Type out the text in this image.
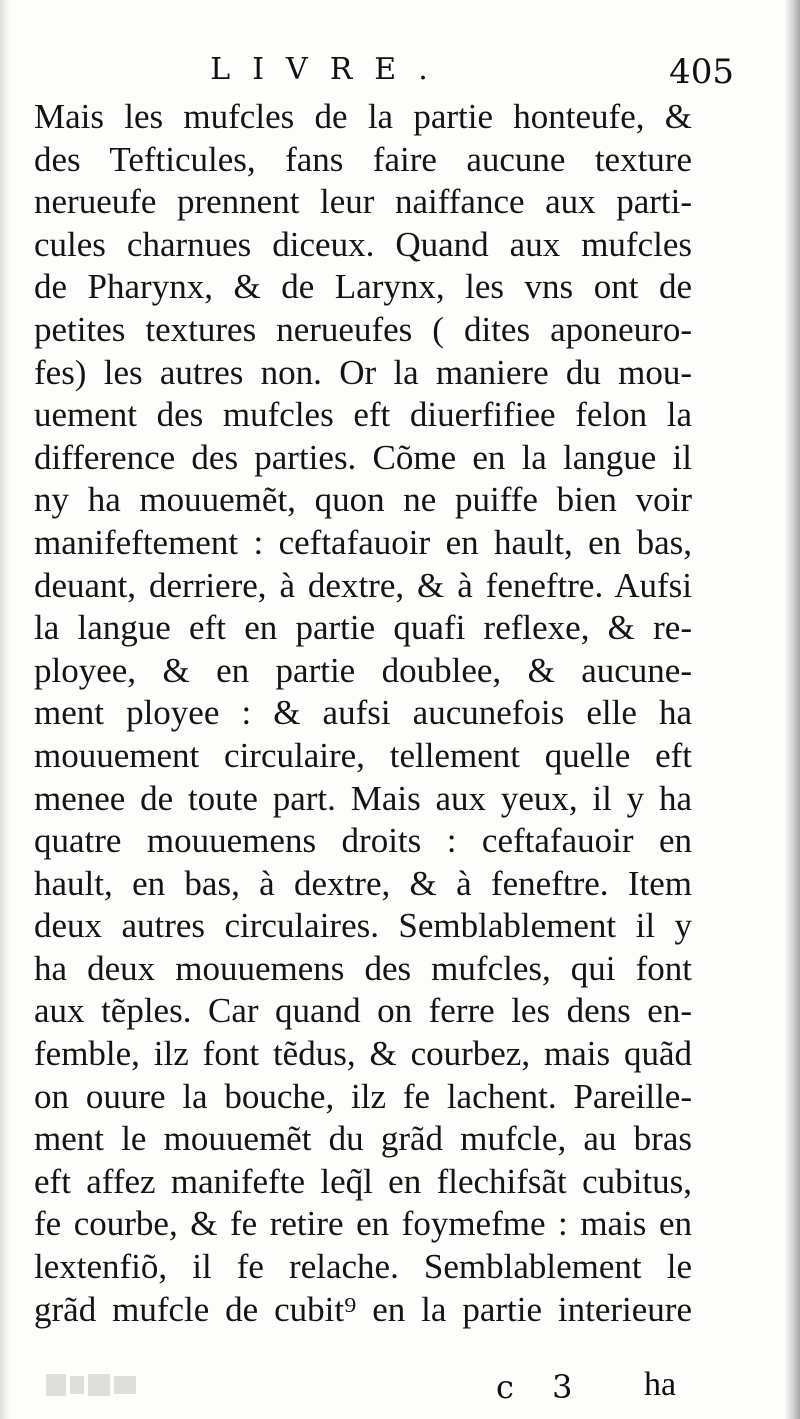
LIVRE.	405
Mais les mufcles de la partie honteufe, &
des Tefticules, fans faire aucune texture
nerueufe prennent leur naiffance aux parti-
cules charnues diceux. Quand aux mufcles
de Pharynx, & de Larynx, les vns ont de
petites textures nerueufes ( dites aponeuro-
fes) les autres non. Or la maniere du mou-
uement des mufcles eft diuerfifiee felon la
difference des parties. Cõme en la langue il
ny ha mouuemẽt, quon ne puiffe bien voir
manifeftement : ceftafauoir en hault, en bas,
deuant, derriere, à dextre, & à feneftre. Aufsi
la langue eft en partie quafi reflexe, & re-
ployee, & en partie doublee, & aucune-
ment ployee : & aufsi aucunefois elle ha
mouuement circulaire, tellement quelle eft
menee de toute part. Mais aux yeux, il y ha
quatre mouuemens droits : ceftafauoir en
hault, en bas, à dextre, & à feneftre. Item
deux autres circulaires. Semblablement il y
ha deux mouuemens des mufcles, qui font
aux tẽples. Car quand on ferre les dens en-
femble, ilz font tẽdus, & courbez, mais quãd
on ouure la bouche, ilz fe lachent. Pareille-
ment le mouuemẽt du grãd mufcle, au bras
eft affez manifefte leq̃l en flechifsãt cubitus,
fe courbe, & fe retire en foymefme : mais en
lextenfiõ, il fe relache. Semblablement le
grãd mufcle de cubit⁹ en la partie interieure
c 3 ha
